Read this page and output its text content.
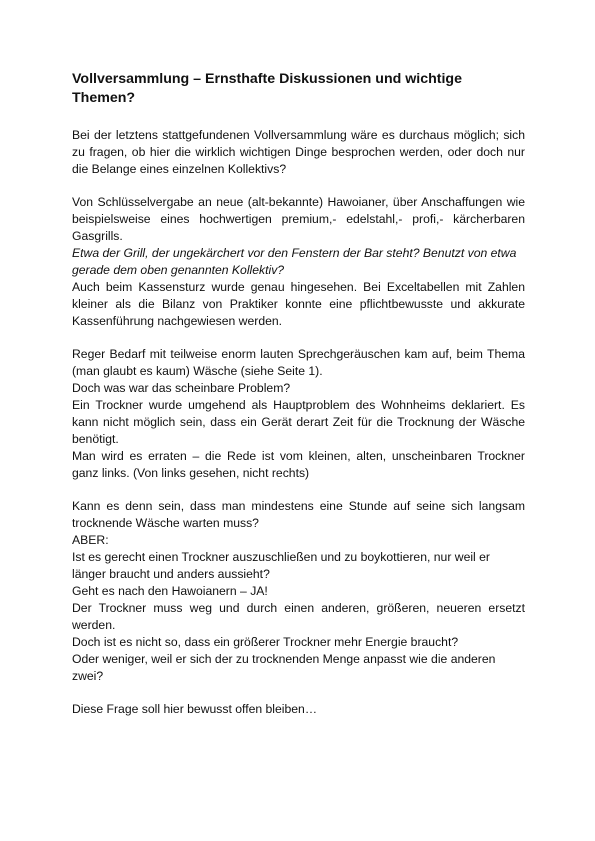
Vollversammlung – Ernsthafte Diskussionen und wichtige Themen?
Bei der letztens stattgefundenen Vollversammlung wäre es durchaus möglich; sich zu fragen, ob hier die wirklich wichtigen Dinge besprochen werden, oder doch nur die Belange eines einzelnen Kollektivs?
Von Schlüsselvergabe an neue (alt-bekannte) Hawoianer, über Anschaffungen wie beispielsweise eines hochwertigen premium,- edelstahl,- profi,- kärcherbaren Gasgrills.
Etwa der Grill, der ungekärchert vor den Fenstern der Bar steht? Benutzt von etwa gerade dem oben genannten Kollektiv?
Auch beim Kassensturz wurde genau hingesehen. Bei Exceltabellen mit Zahlen kleiner als die Bilanz von Praktiker konnte eine pflichtbewusste und akkurate Kassenführung nachgewiesen werden.
Reger Bedarf mit teilweise enorm lauten Sprechgeräuschen kam auf, beim Thema (man glaubt es kaum) Wäsche (siehe Seite 1).
Doch was war das scheinbare Problem?
Ein Trockner wurde umgehend als Hauptproblem des Wohnheims deklariert. Es kann nicht möglich sein, dass ein Gerät derart Zeit für die Trocknung der Wäsche benötigt.
Man wird es erraten – die Rede ist vom kleinen, alten, unscheinbaren Trockner ganz links. (Von links gesehen, nicht rechts)
Kann es denn sein, dass man mindestens eine Stunde auf seine sich langsam trocknende Wäsche warten muss?
ABER:
Ist es gerecht einen Trockner auszuschließen und zu boykottieren, nur weil er länger braucht und anders aussieht?
Geht es nach den Hawoianern – JA!
Der Trockner muss weg und durch einen anderen, größeren, neueren ersetzt werden.
Doch ist es nicht so, dass ein größerer Trockner mehr Energie braucht?
Oder weniger, weil er sich der zu trocknenden Menge anpasst wie die anderen zwei?
Diese Frage soll hier bewusst offen bleiben…
